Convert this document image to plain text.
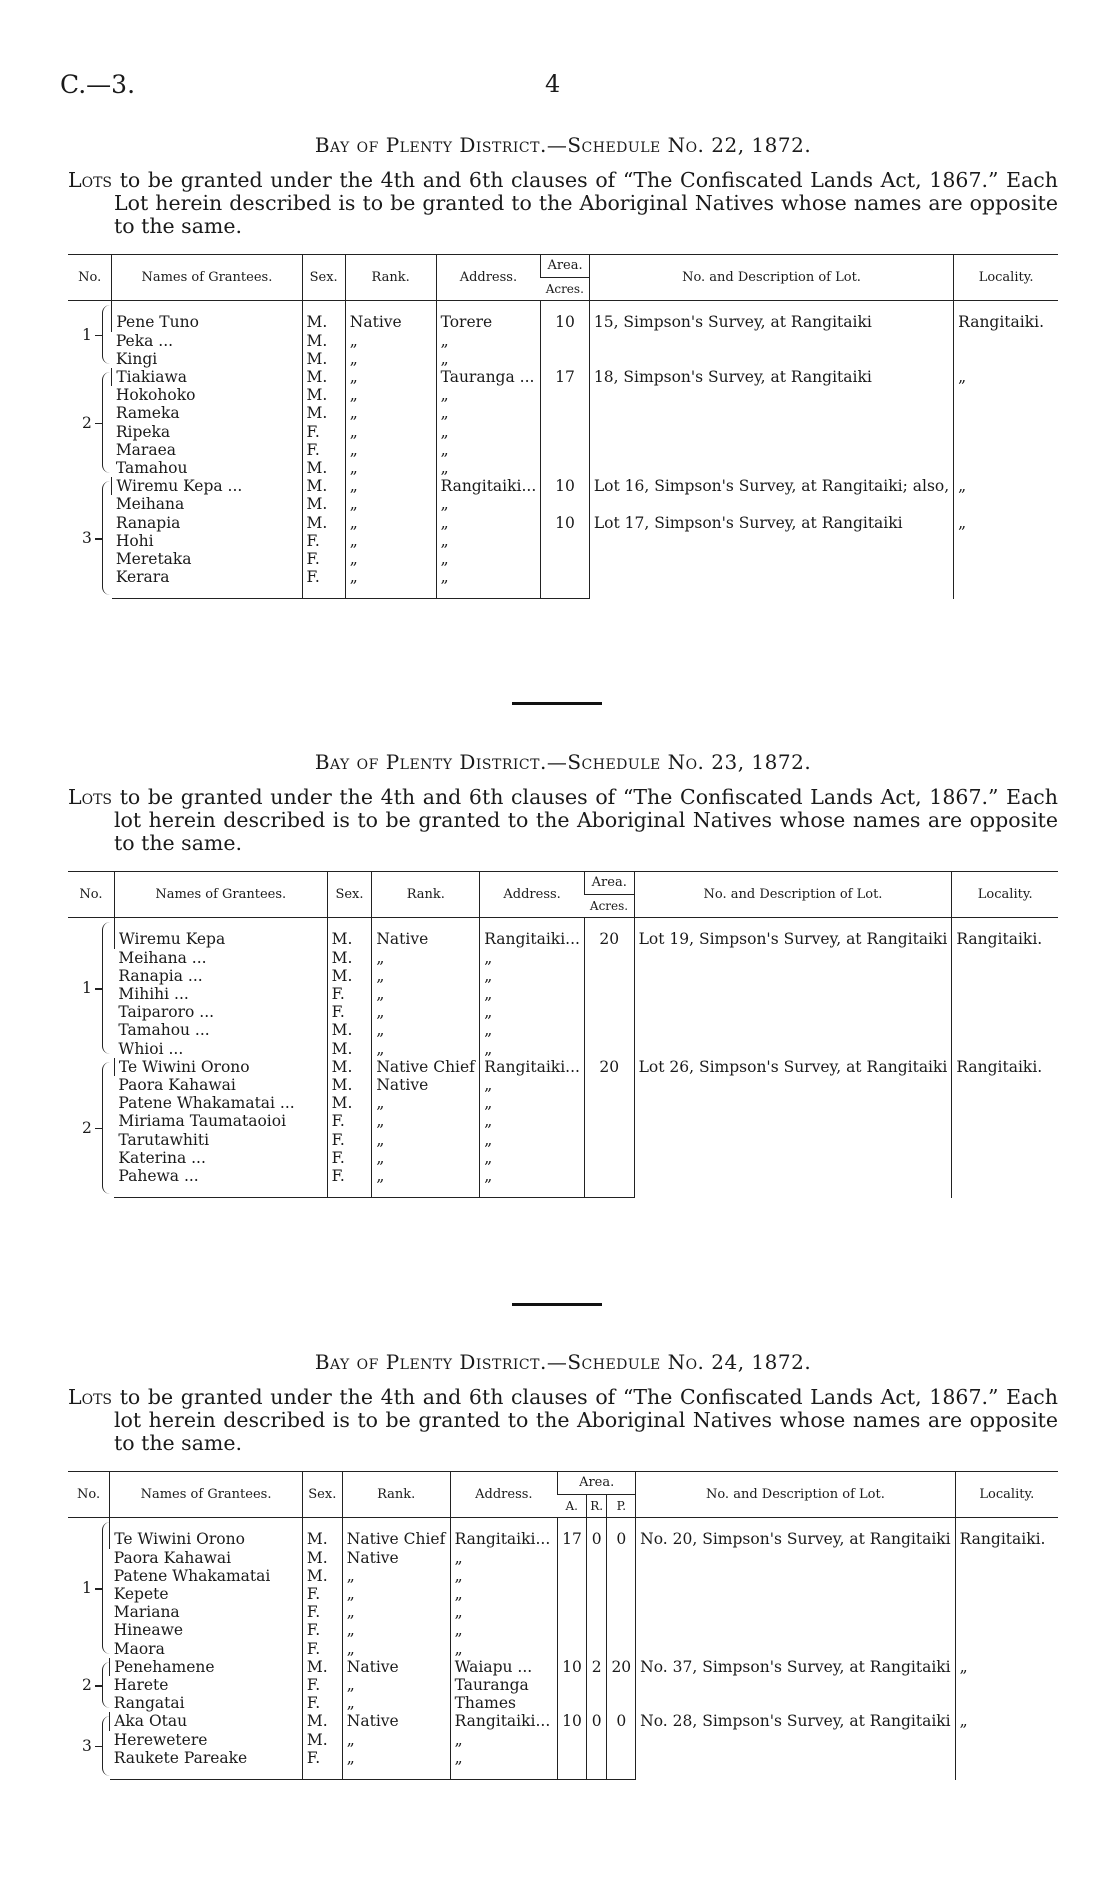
C.—3.	4
Bay of Plenty District.—Schedule No. 22, 1872.

Lots to be granted under the 4th and 6th clauses of “The Confiscated Lands Act, 1867.” Each Lot herein described is to be granted to the Aboriginal Natives whose names are opposite to the same.

No.	Names of Grantees.	Sex.	Rank.	Address.	Area.	No. and Description of Lot.	Locality.
					Acres.		

1	Pene Tuno	M.	Native	Torere	10	15, Simpson's Survey, at Rangitaiki	Rangitaiki.
	Peka ...	M.	„	„			
	Kingi	M.	„	„			

2	Tiakiawa	M.	„	Tauranga ...	17	18, Simpson's Survey, at Rangitaiki	„
	Hokohoko	M.	„	„			
	Rameka	M.	„	„			
	Ripeka	F.	„	„			
	Maraea	F.	„	„			
	Tamahou	M.	„	„			

3	Wiremu Kepa ...	M.	„	Rangitaiki...	10	Lot 16, Simpson's Survey, at Rangitaiki; also,	„
	Meihana	M.	„	„			
	Ranapia	M.	„	„	10	Lot 17, Simpson's Survey, at Rangitaiki	„
	Hohi	F.	„	„			
	Meretaka	F.	„	„			
	Kerara	F.	„	„			
Bay of Plenty District.—Schedule No. 23, 1872.

Lots to be granted under the 4th and 6th clauses of “The Confiscated Lands Act, 1867.” Each lot herein described is to be granted to the Aboriginal Natives whose names are opposite to the same.

No.	Names of Grantees.	Sex.	Rank.	Address.	Area.	No. and Description of Lot.	Locality.
					Acres.		

1	Wiremu Kepa	M.	Native	Rangitaiki...	20	Lot 19, Simpson's Survey, at Rangitaiki	Rangitaiki.
	Meihana ...	M.	„	„			
	Ranapia ...	M.	„	„			
	Mihihi ...	F.	„	„			
	Taiparoro ...	F.	„	„			
	Tamahou ...	M.	„	„			
	Whioi ...	M.	„	„			

2	Te Wiwini Orono	M.	Native Chief	Rangitaiki...	20	Lot 26, Simpson's Survey, at Rangitaiki	Rangitaiki.
	Paora Kahawai	M.	Native	„			
	Patene Whakamatai ...	M.	„	„			
	Miriama Taumataoioi	F.	„	„			
	Tarutawhiti	F.	„	„			
	Katerina ...	F.	„	„			
	Pahewa ...	F.	„	„			
Bay of Plenty District.—Schedule No. 24, 1872.

Lots to be granted under the 4th and 6th clauses of “The Confiscated Lands Act, 1867.” Each lot herein described is to be granted to the Aboriginal Natives whose names are opposite to the same.

No.	Names of Grantees.	Sex.	Rank.	Address.	Area.			No. and Description of Lot.	Locality.
					A.	R.	P.		

1	Te Wiwini Orono	M.	Native Chief	Rangitaiki...	17	0	0	No. 20, Simpson's Survey, at Rangitaiki	Rangitaiki.
	Paora Kahawai	M.	Native	„					
	Patene Whakamatai	M.	„	„					
	Kepete	F.	„	„					
	Mariana	F.	„	„					
	Hineawe	F.	„	„					
	Maora	F.	„	„					

2	Penehamene	M.	Native	Waiapu ...	10	2	20	No. 37, Simpson's Survey, at Rangitaiki	„
	Harete	F.	„	Tauranga					
	Rangatai	F.	„	Thames					

3	Aka Otau	M.	Native	Rangitaiki...	10	0	0	No. 28, Simpson's Survey, at Rangitaiki	„
	Herewetere	M.	„	„					
	Raukete Pareake	F.	„	„					
